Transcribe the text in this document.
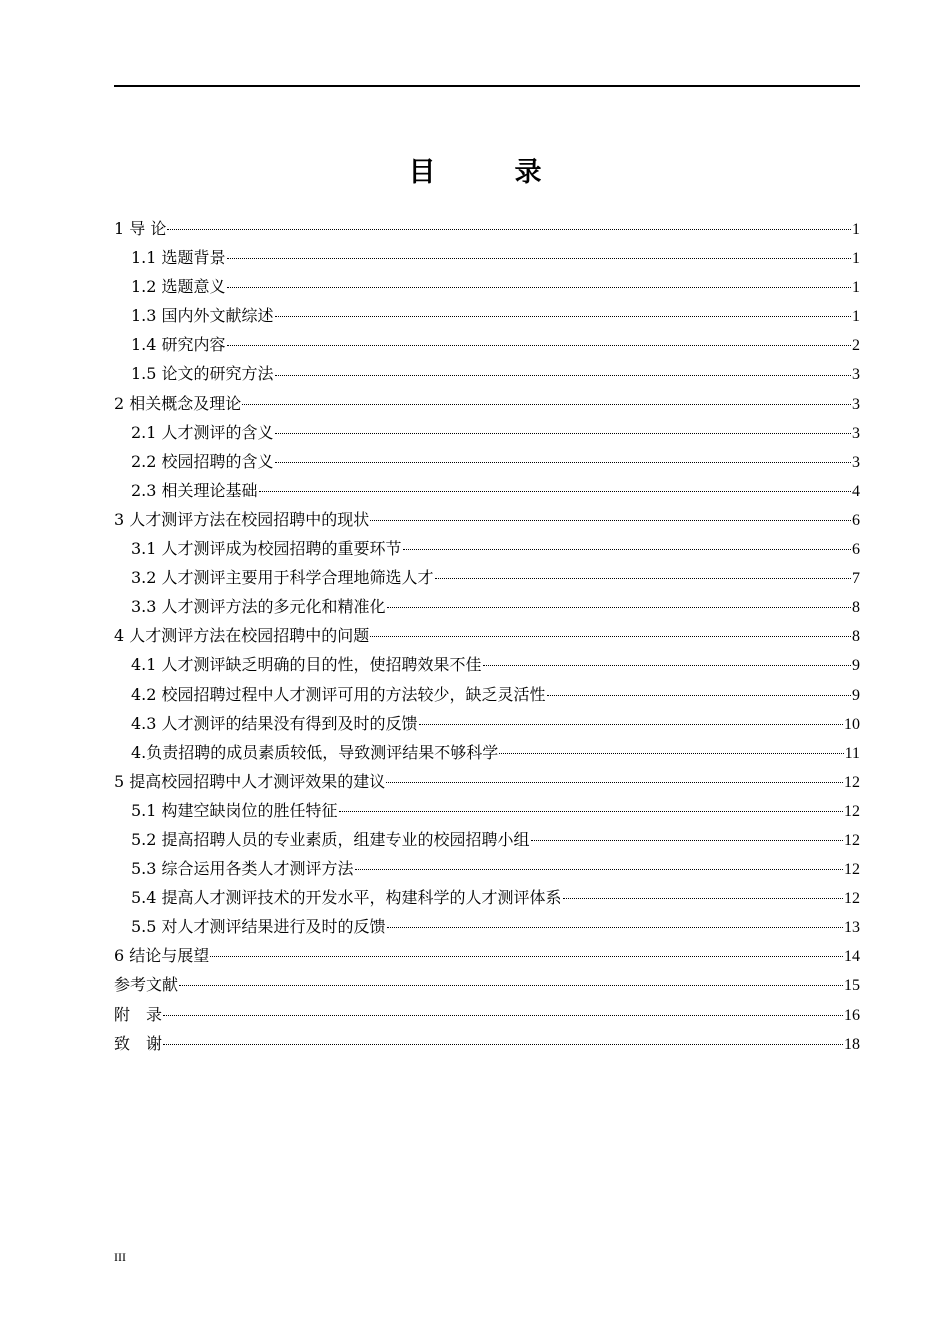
目　录
1 导 论	1
1.1 选题背景	1
1.2 选题意义	1
1.3 国内外文献综述	1
1.4 研究内容	2
1.5 论文的研究方法	3
2 相关概念及理论	3
2.1 人才测评的含义	3
2.2 校园招聘的含义	3
2.3 相关理论基础	4
3 人才测评方法在校园招聘中的现状	6
3.1 人才测评成为校园招聘的重要环节	6
3.2 人才测评主要用于科学合理地筛选人才	7
3.3 人才测评方法的多元化和精准化	8
4 人才测评方法在校园招聘中的问题	8
4.1 人才测评缺乏明确的目的性，使招聘效果不佳	9
4.2 校园招聘过程中人才测评可用的方法较少，缺乏灵活性	9
4.3 人才测评的结果没有得到及时的反馈	10
4.负责招聘的成员素质较低，导致测评结果不够科学	11
5 提高校园招聘中人才测评效果的建议	12
5.1 构建空缺岗位的胜任特征	12
5.2 提高招聘人员的专业素质，组建专业的校园招聘小组	12
5.3 综合运用各类人才测评方法	12
5.4 提高人才测评技术的开发水平，构建科学的人才测评体系	12
5.5 对人才测评结果进行及时的反馈	13
6 结论与展望	14
参考文献	15
附　录	16
致　谢	18
III
